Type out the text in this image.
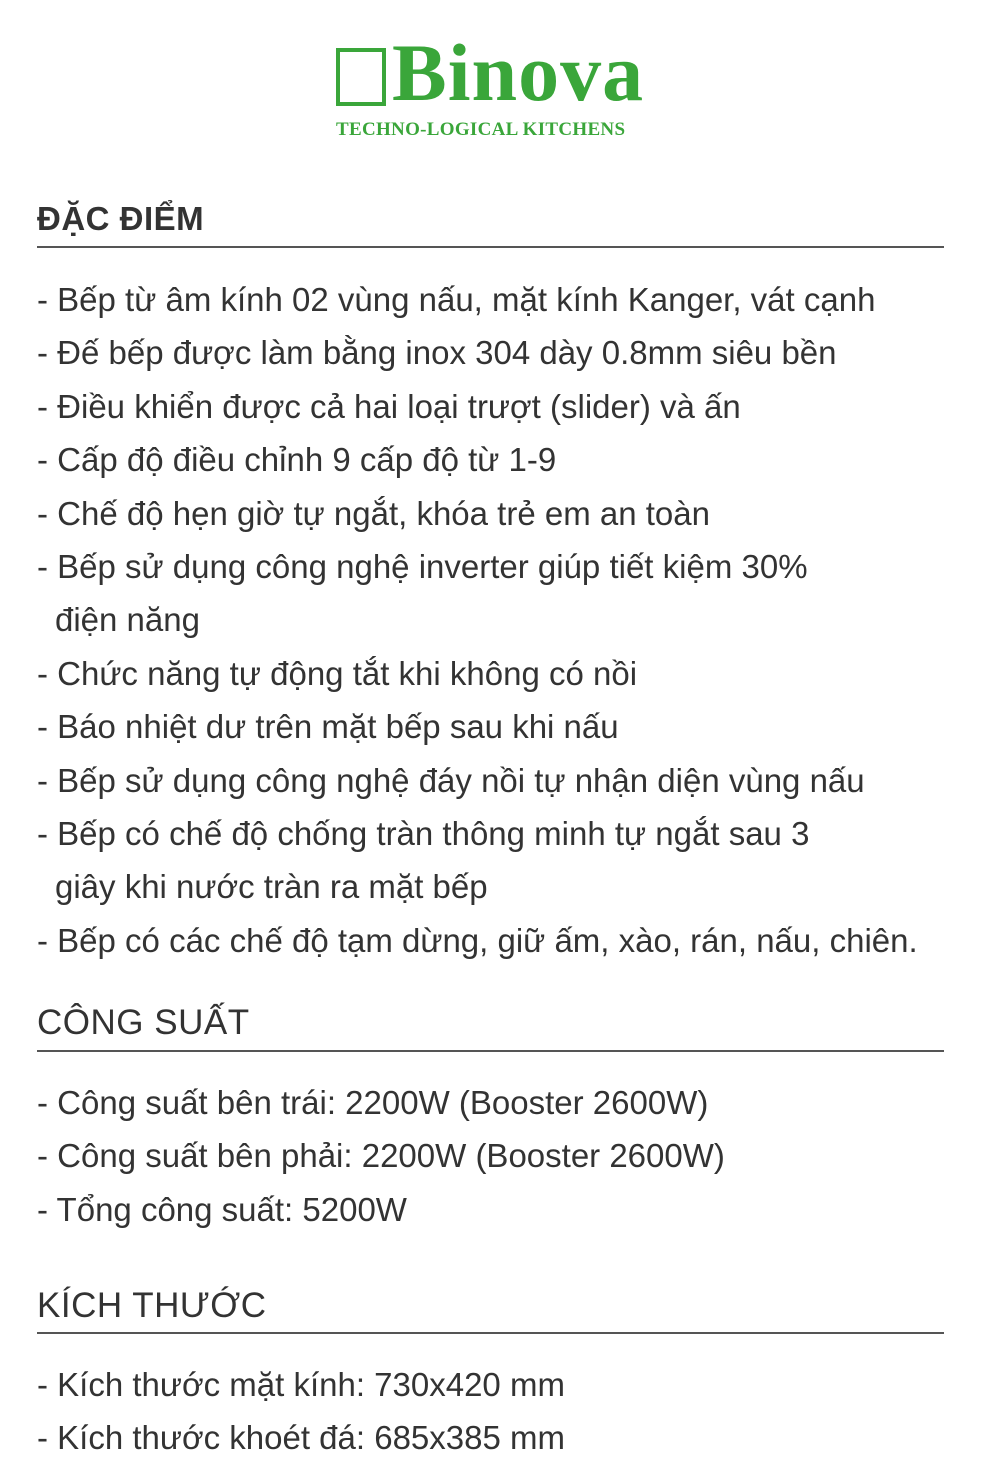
Binova
TECHNO-LOGICAL KITCHENS
ĐẶC ĐIỂM
- Bếp từ âm kính 02 vùng nấu, mặt kính Kanger, vát cạnh
- Đế bếp được làm bằng inox 304 dày 0.8mm siêu bền
- Điều khiển được cả hai loại trượt (slider) và ấn
- Cấp độ điều chỉnh 9 cấp độ từ 1-9
- Chế độ hẹn giờ tự ngắt, khóa trẻ em an toàn
- Bếp sử dụng công nghệ inverter giúp tiết kiệm 30%
điện năng
- Chức năng tự động tắt khi không có nồi
- Báo nhiệt dư trên mặt bếp sau khi nấu
- Bếp sử dụng công nghệ đáy nồi tự nhận diện vùng nấu
- Bếp có chế độ chống tràn thông minh tự ngắt sau 3
giây khi nước tràn ra mặt bếp
- Bếp có các chế độ tạm dừng, giữ ấm, xào, rán, nấu, chiên.
CÔNG SUẤT
- Công suất bên trái: 2200W (Booster 2600W)
- Công suất bên phải: 2200W (Booster 2600W)
- Tổng công suất: 5200W
KÍCH THƯỚC
- Kích thước mặt kính: 730x420 mm
- Kích thước khoét đá: 685x385 mm
